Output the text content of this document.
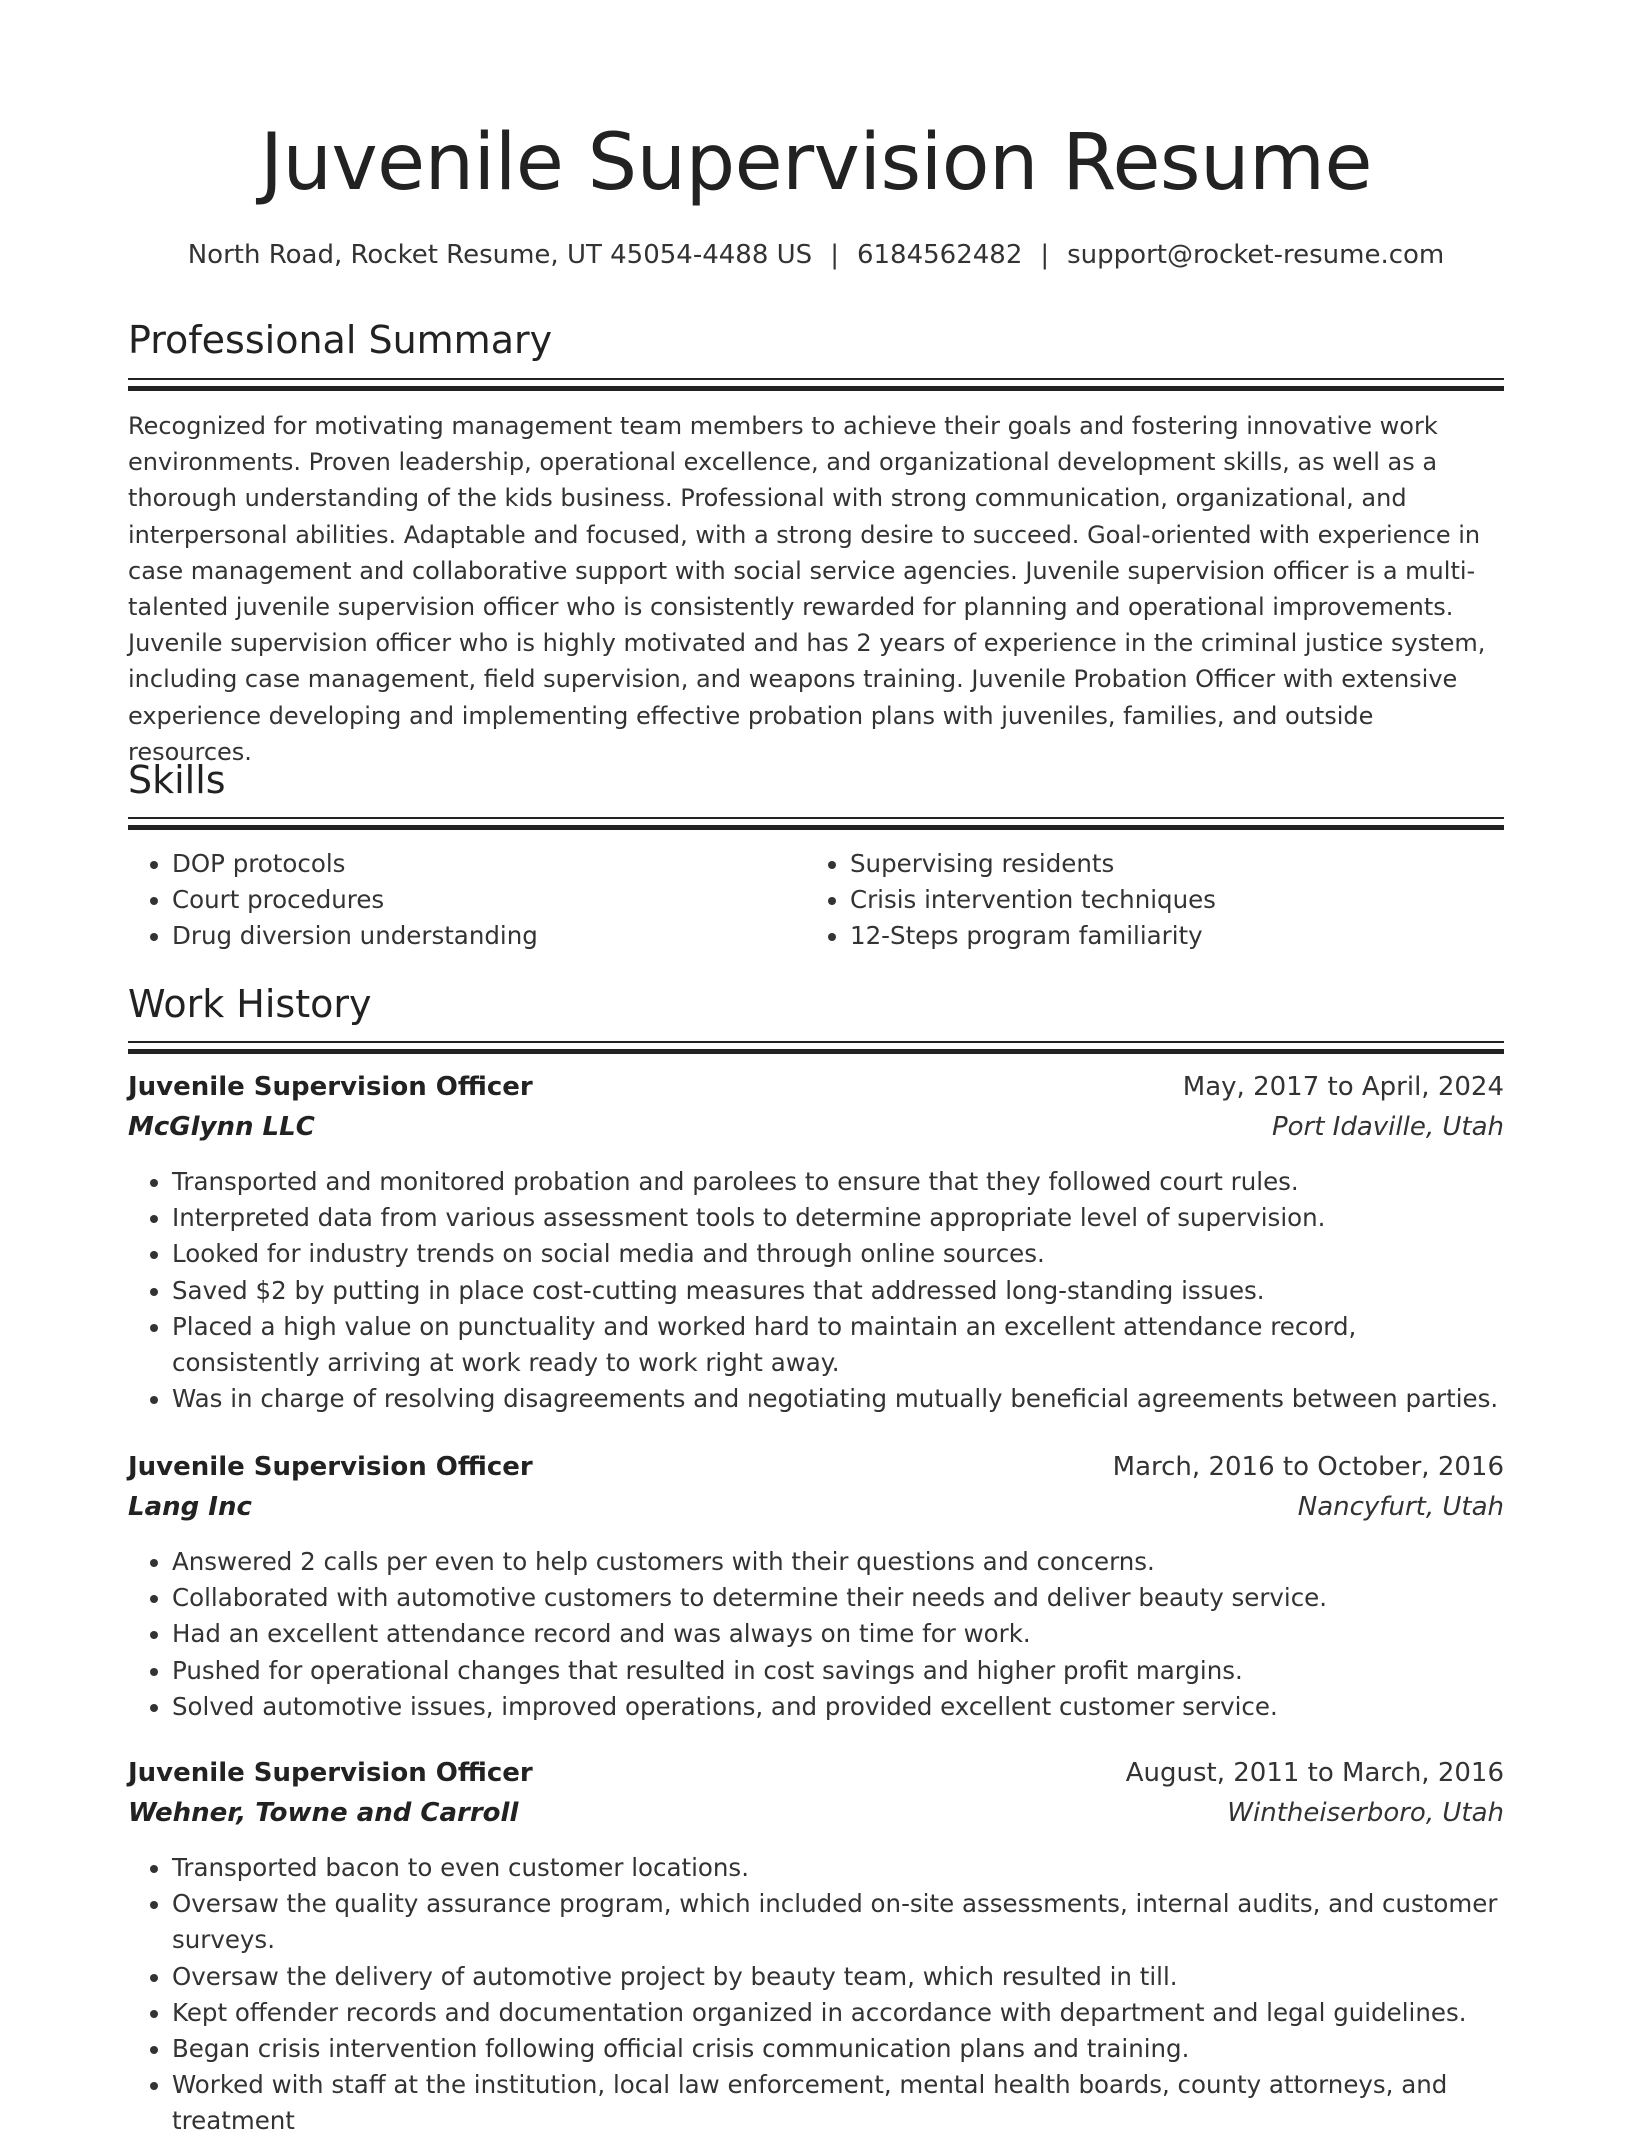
Juvenile Supervision Resume
North Road, Rocket Resume, UT 45054-4488 US | 6184562482 | support@rocket-resume.com
Professional Summary

Recognized for motivating management team members to achieve their goals and fostering innovative work environments. Proven leadership, operational excellence, and organizational development skills, as well as a thorough understanding of the kids business. Professional with strong communication, organizational, and interpersonal abilities. Adaptable and focused, with a strong desire to succeed. Goal-oriented with experience in case management and collaborative support with social service agencies. Juvenile supervision officer is a multi-talented juvenile supervision officer who is consistently rewarded for planning and operational improvements. Juvenile supervision officer who is highly motivated and has 2 years of experience in the criminal justice system, including case management, field supervision, and weapons training. Juvenile Probation Officer with extensive experience developing and implementing effective probation plans with juveniles, families, and outside resources.

Skills
• DOP protocols
• Court procedures
• Drug diversion understanding
• Supervising residents
• Crisis intervention techniques
• 12-Steps program familiarity
Work History
Juvenile Supervision Officer	May, 2017 to April, 2024
McGlynn LLC	Port Idaville, Utah
• Transported and monitored probation and parolees to ensure that they followed court rules.
• Interpreted data from various assessment tools to determine appropriate level of supervision.
• Looked for industry trends on social media and through online sources.
• Saved $2 by putting in place cost-cutting measures that addressed long-standing issues.
• Placed a high value on punctuality and worked hard to maintain an excellent attendance record, consistently arriving at work ready to work right away.
• Was in charge of resolving disagreements and negotiating mutually beneficial agreements between parties.
Juvenile Supervision Officer	March, 2016 to October, 2016
Lang Inc	Nancyfurt, Utah
• Answered 2 calls per even to help customers with their questions and concerns.
• Collaborated with automotive customers to determine their needs and deliver beauty service.
• Had an excellent attendance record and was always on time for work.
• Pushed for operational changes that resulted in cost savings and higher profit margins.
• Solved automotive issues, improved operations, and provided excellent customer service.
Juvenile Supervision Officer	August, 2011 to March, 2016
Wehner, Towne and Carroll	Wintheiserboro, Utah
• Transported bacon to even customer locations.
• Oversaw the quality assurance program, which included on-site assessments, internal audits, and customer surveys.
• Oversaw the delivery of automotive project by beauty team, which resulted in till.
• Kept offender records and documentation organized in accordance with department and legal guidelines.
• Began crisis intervention following official crisis communication plans and training.
• Worked with staff at the institution, local law enforcement, mental health boards, county attorneys, and treatment
